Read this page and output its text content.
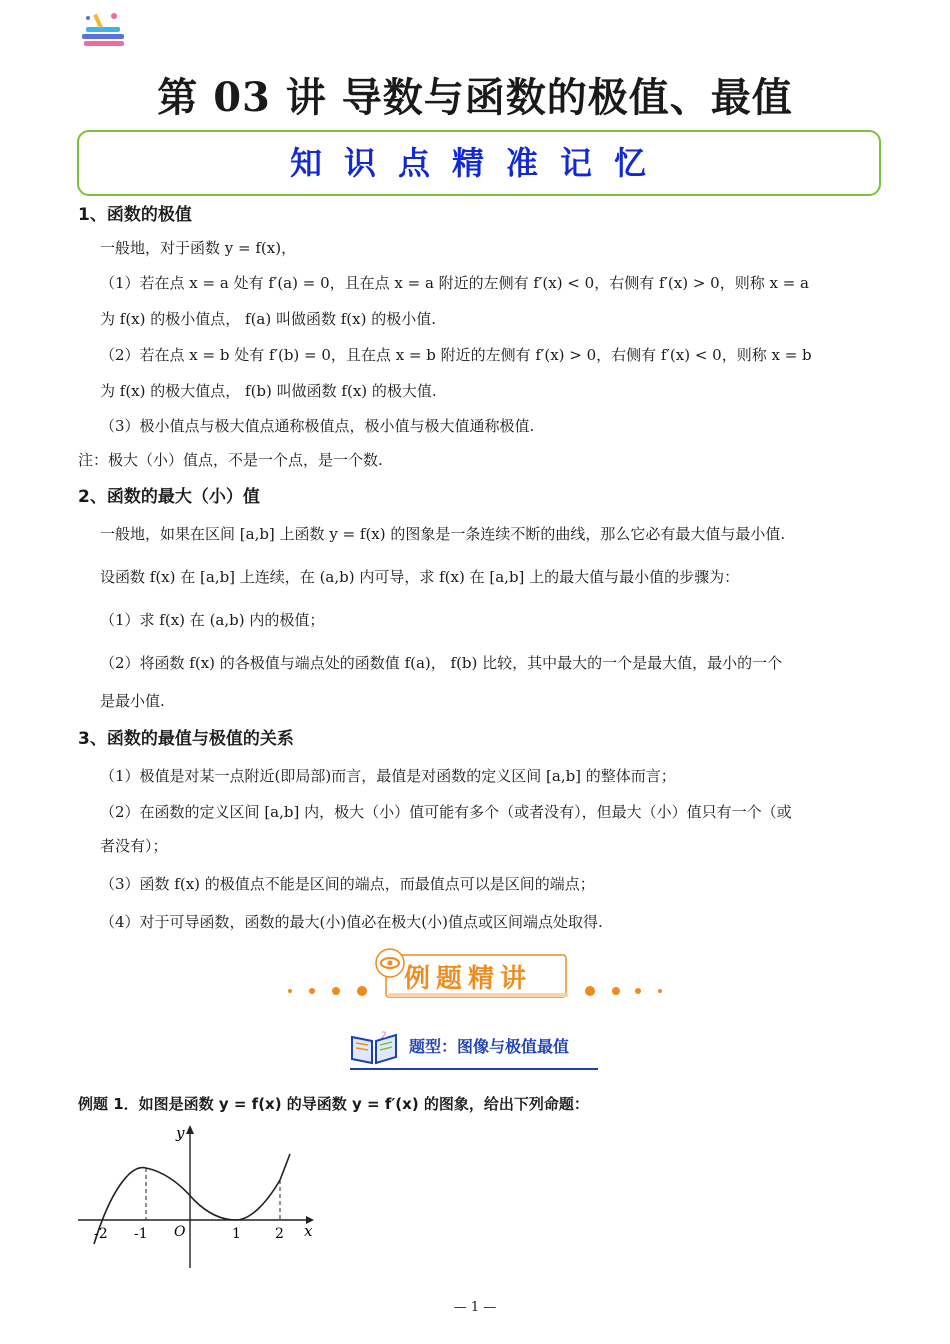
第 03 讲 导数与函数的极值、最值
知识点精准记忆
1、函数的极值
一般地，对于函数 y = f(x)，
（1）若在点 x = a 处有 f′(a) = 0，且在点 x = a 附近的左侧有 f′(x) < 0，右侧有 f′(x) > 0，则称 x = a
为 f(x) 的极小值点， f(a) 叫做函数 f(x) 的极小值.
（2）若在点 x = b 处有 f′(b) = 0，且在点 x = b 附近的左侧有 f′(x) > 0，右侧有 f′(x) < 0，则称 x = b
为 f(x) 的极大值点， f(b) 叫做函数 f(x) 的极大值.
（3）极小值点与极大值点通称极值点，极小值与极大值通称极值.
注：极大（小）值点，不是一个点，是一个数.
2、函数的最大（小）值
一般地，如果在区间 [a,b] 上函数 y = f(x) 的图象是一条连续不断的曲线，那么它必有最大值与最小值.
设函数 f(x) 在 [a,b] 上连续，在 (a,b) 内可导，求 f(x) 在 [a,b] 上的最大值与最小值的步骤为：
（1）求 f(x) 在 (a,b) 内的极值；
（2）将函数 f(x) 的各极值与端点处的函数值 f(a)， f(b) 比较，其中最大的一个是最大值，最小的一个
是最小值.
3、函数的最值与极值的关系
（1）极值是对某一点附近(即局部)而言，最值是对函数的定义区间 [a,b] 的整体而言；
（2）在函数的定义区间 [a,b] 内，极大（小）值可能有多个（或者没有），但最大（小）值只有一个（或
者没有）；
（3）函数 f(x) 的极值点不能是区间的端点，而最值点可以是区间的端点；
（4）对于可导函数，函数的最大(小)值必在极大(小)值点或区间端点处取得.
例题精讲
2
题型：图像与极值最值
例题 1．如图是函数 y = f(x) 的导函数 y = f′(x) 的图象，给出下列命题：
y
x
O
-2 -1	1 2
— 1 —
